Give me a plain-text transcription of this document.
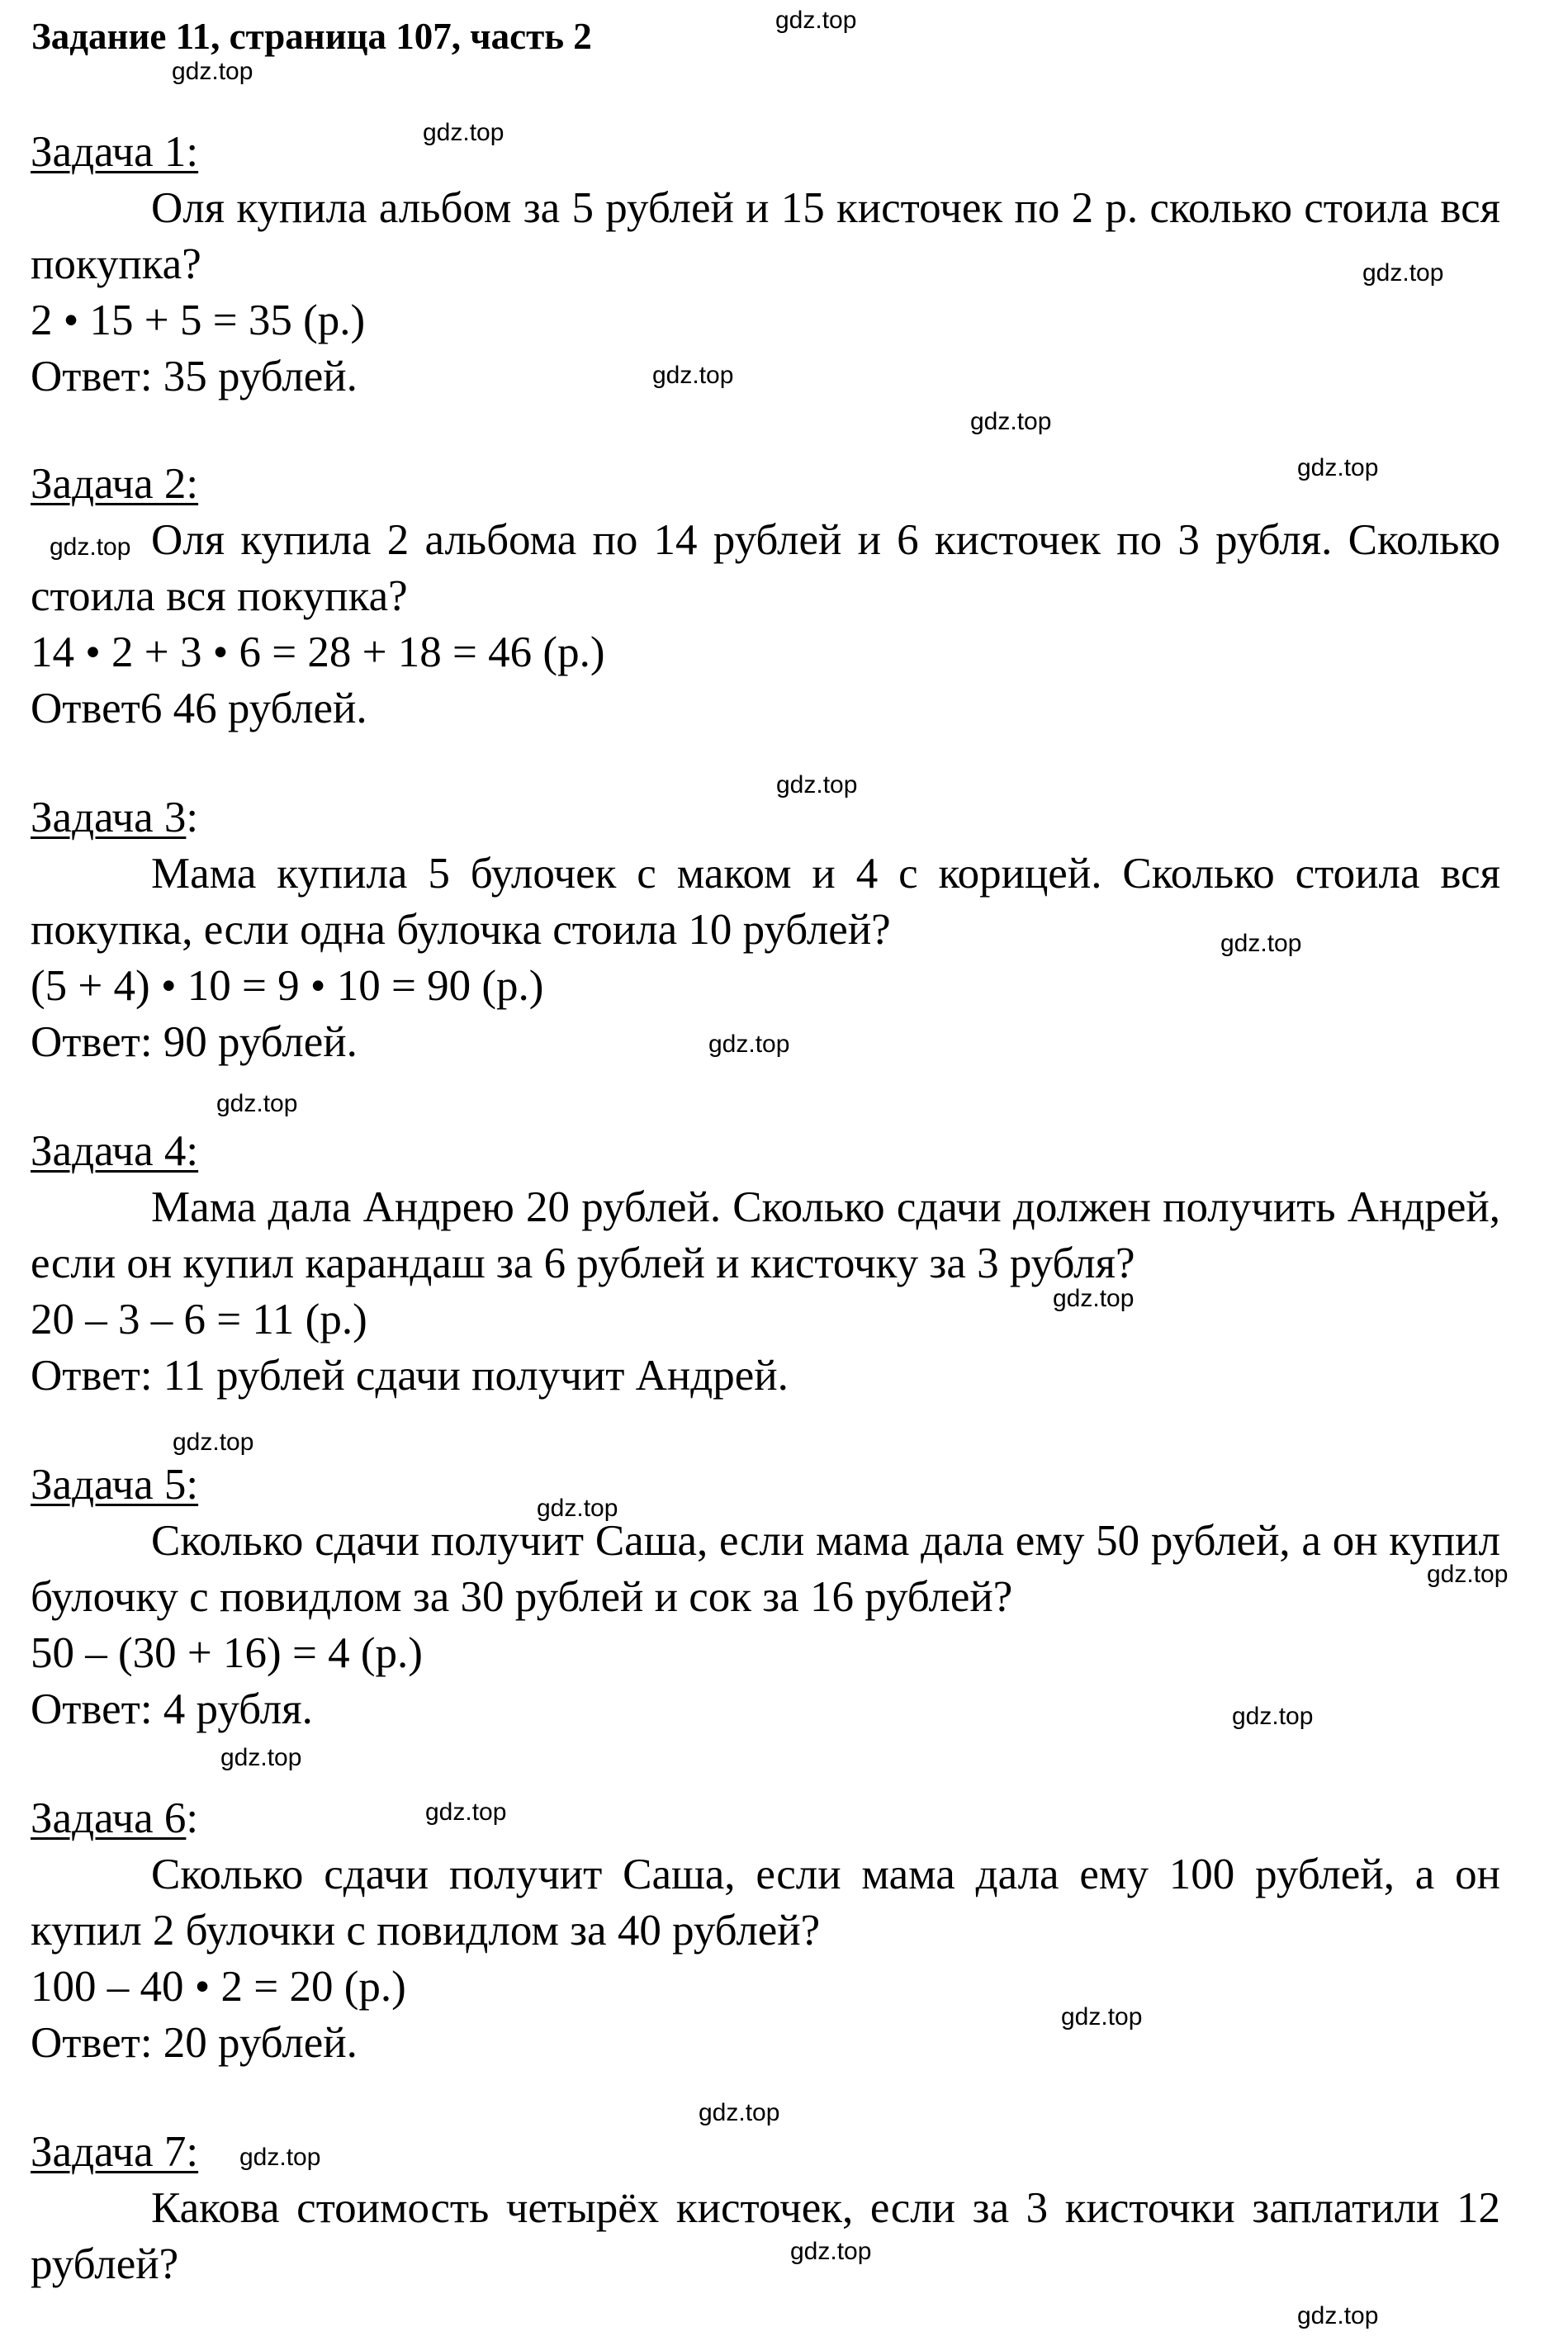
Задание 11, страница 107, часть 2
Задача 1:
Оля купила альбом за 5 рублей и 15 кисточек по 2 р. сколько стоила вся покупка?
2 • 15 + 5 = 35 (р.)
Ответ: 35 рублей.
Задача 2:
Оля купила 2 альбома по 14 рублей и 6 кисточек по 3 рубля. Сколько стоила вся покупка?
14 • 2 + 3 • 6 = 28 + 18 = 46 (р.)
Ответ6 46 рублей.
Задача 3:
Мама купила 5 булочек с маком и 4 с корицей. Сколько стоила вся покупка, если одна булочка стоила 10 рублей?
(5 + 4) • 10 = 9 • 10 = 90 (р.)
Ответ: 90 рублей.
Задача 4:
Мама дала Андрею 20 рублей. Сколько сдачи должен получить Андрей, если он купил карандаш за 6 рублей и кисточку за 3 рубля?
20 – 3 – 6 = 11 (р.)
Ответ: 11 рублей сдачи получит Андрей.
Задача 5:
Сколько сдачи получит Саша, если мама дала ему 50 рублей, а он купил булочку с повидлом за 30 рублей и сок за 16 рублей?
50 – (30 + 16) = 4 (р.)
Ответ: 4 рубля.
Задача 6:
Сколько сдачи получит Саша, если мама дала ему 100 рублей, а он купил 2 булочки с повидлом за 40 рублей?
100 – 40 • 2 = 20 (р.)
Ответ: 20 рублей.
Задача 7:
Какова стоимость четырёх кисточек, если за 3 кисточки заплатили 12 рублей?
gdz.top
gdz.top
gdz.top
gdz.top
gdz.top
gdz.top
gdz.top
gdz.top
gdz.top
gdz.top
gdz.top
gdz.top
gdz.top
gdz.top
gdz.top
gdz.top
gdz.top
gdz.top
gdz.top
gdz.top
gdz.top
gdz.top
gdz.top
gdz.top
